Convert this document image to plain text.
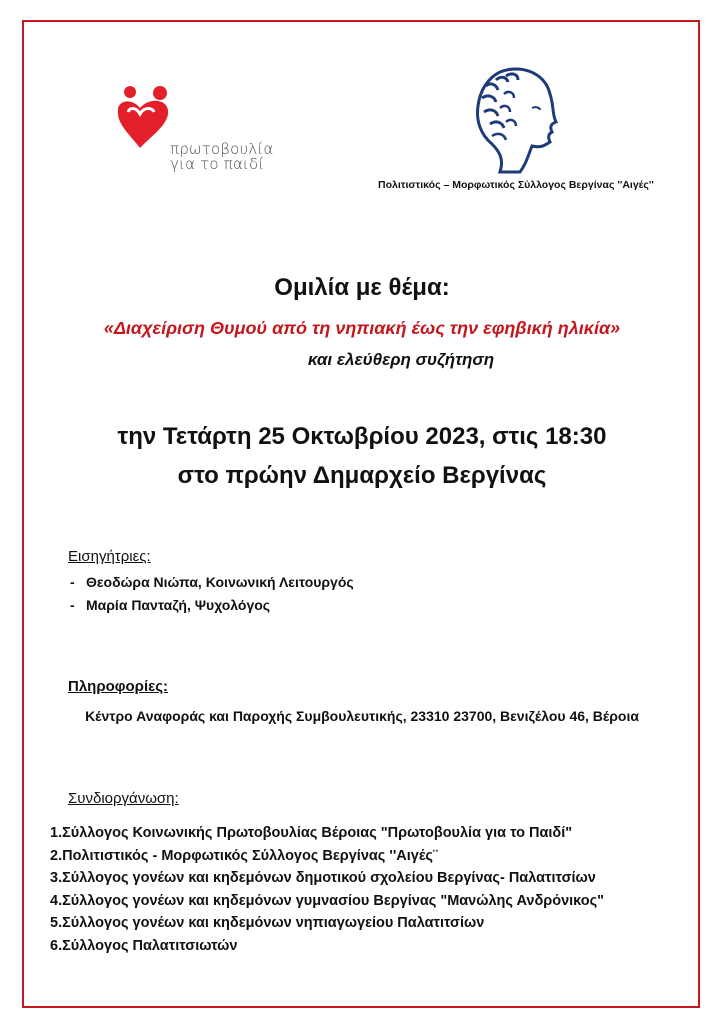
πρωτοβουλία
για το παιδί
Πολιτιστικός – Μορφωτικός Σύλλογος Βεργίνας ''Αιγές''
Ομιλία με θέμα:
«Διαχείριση Θυμού από τη νηπιακή έως την εφηβική ηλικία»
και ελεύθερη συζήτηση
την Τετάρτη 25 Οκτωβρίου 2023, στις 18:30
στο πρώην Δημαρχείο Βεργίνας
Εισηγήτριες:
- Θεοδώρα Νιώπα, Κοινωνική Λειτουργός
- Μαρία Πανταζή, Ψυχολόγος
Πληροφορίες:
Κέντρο Αναφοράς και Παροχής Συμβουλευτικής, 23310 23700, Βενιζέλου 46, Βέροια
Συνδιοργάνωση:
1.Σύλλογος Κοινωνικής Πρωτοβουλίας Βέροιας "Πρωτοβουλία για το Παιδί"
2.Πολιτιστικός - Μορφωτικός Σύλλογος Βεργίνας ''Αιγές¨
3.Σύλλογος γονέων και κηδεμόνων δημοτικού σχολείου Βεργίνας- Παλατιτσίων
4.Σύλλογος γονέων και κηδεμόνων γυμνασίου Βεργίνας "Μανώλης Ανδρόνικος"
5.Σύλλογος γονέων και κηδεμόνων νηπιαγωγείου Παλατιτσίων
6.Σύλλογος Παλατιτσιωτών
